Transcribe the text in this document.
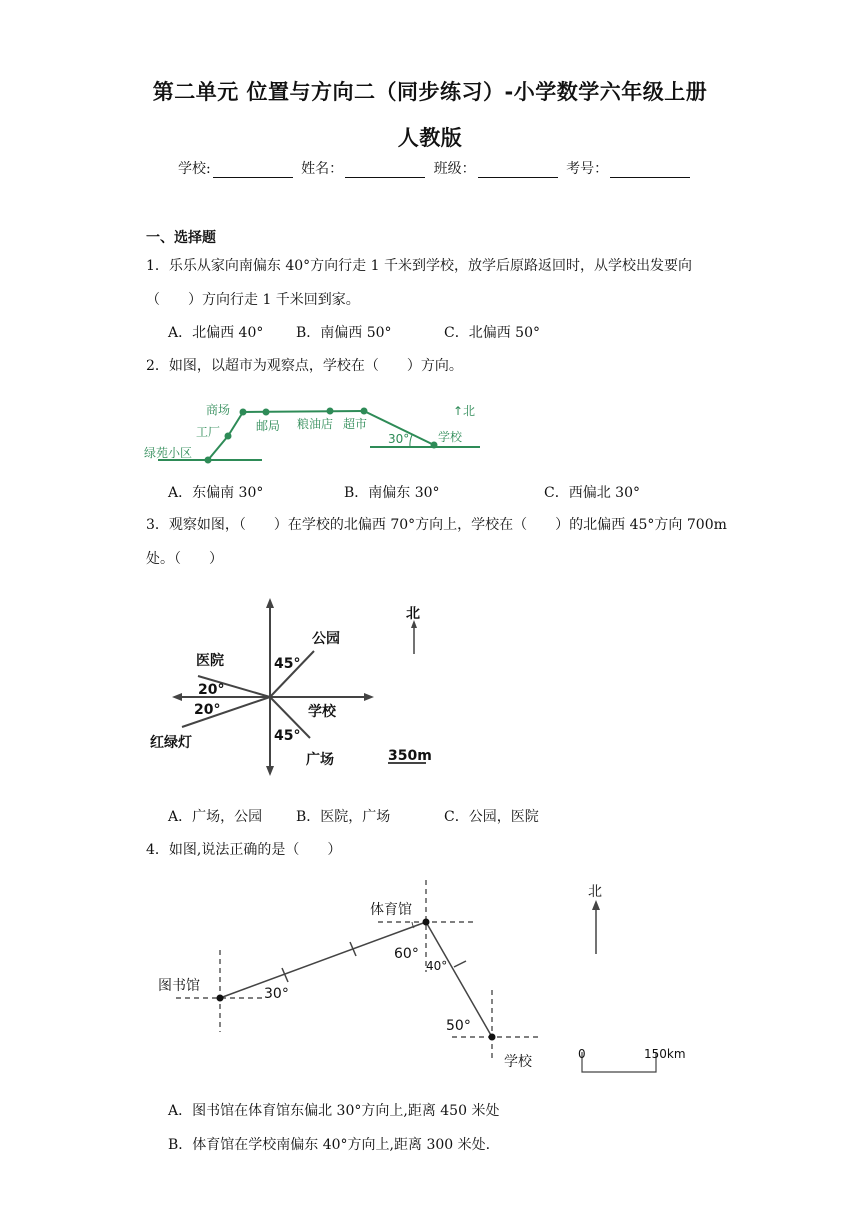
第二单元 位置与方向二（同步练习）-小学数学六年级上册
人教版
学校:	姓名：	班级：	考号：
一、选择题
1．乐乐从家向南偏东 40°方向行走 1 千米到学校，放学后原路返回时，从学校出发要向
（　　）方向行走 1 千米回到家。
A．北偏西 40° B．南偏西 50°	C．北偏西 50°
2．如图，以超市为观察点，学校在（　　）方向。
商场
工厂
绿苑小区
邮局 粮油店 超市
学校
30°
↑北
A．东偏南 30°	B．南偏东 30°	C．西偏北 30°
3．观察如图，（　　）在学校的北偏西 70°方向上，学校在（　　）的北偏西 45°方向 700m
处。（　　）
北
公园
医院
学校
红绿灯
广场
45°
20°
20°
45°
350m
A．广场，公园 B．医院，广场	C．公园，医院
4．如图,说法正确的是（　　）
体育馆
图书馆
学校
北
60°
40°
30°
50°
0	150km
A．图书馆在体育馆东偏北 30°方向上,距离 450 米处
B．体育馆在学校南偏东 40°方向上,距离 300 米处.
